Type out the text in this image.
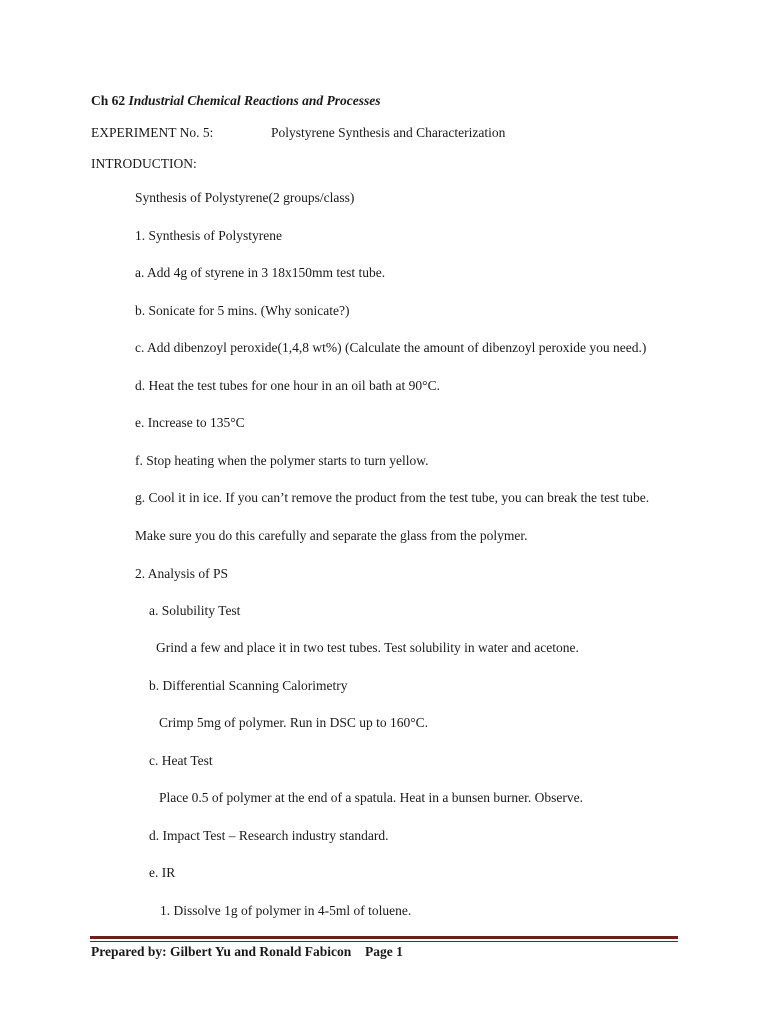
Ch 62 Industrial Chemical Reactions and Processes
EXPERIMENT No. 5:	Polystyrene Synthesis and Characterization
INTRODUCTION:
Synthesis of Polystyrene(2 groups/class)
1. Synthesis of Polystyrene
a. Add 4g of styrene in 3 18x150mm test tube.
b. Sonicate for 5 mins. (Why sonicate?)
c. Add dibenzoyl peroxide(1,4,8 wt%) (Calculate the amount of dibenzoyl peroxide you need.)
d. Heat the test tubes for one hour in an oil bath at 90°C.
e. Increase to 135°C
f. Stop heating when the polymer starts to turn yellow.
g. Cool it in ice. If you can’t remove the product from the test tube, you can break the test tube.
Make sure you do this carefully and separate the glass from the polymer.
2. Analysis of PS
a. Solubility Test
Grind a few and place it in two test tubes. Test solubility in water and acetone.
b. Differential Scanning Calorimetry
Crimp 5mg of polymer. Run in DSC up to 160°C.
c. Heat Test
Place 0.5 of polymer at the end of a spatula. Heat in a bunsen burner. Observe.
d. Impact Test – Research industry standard.
e. IR
1. Dissolve 1g of polymer in 4-5ml of toluene.
Prepared by: Gilbert Yu and Ronald Fabicon Page 1
